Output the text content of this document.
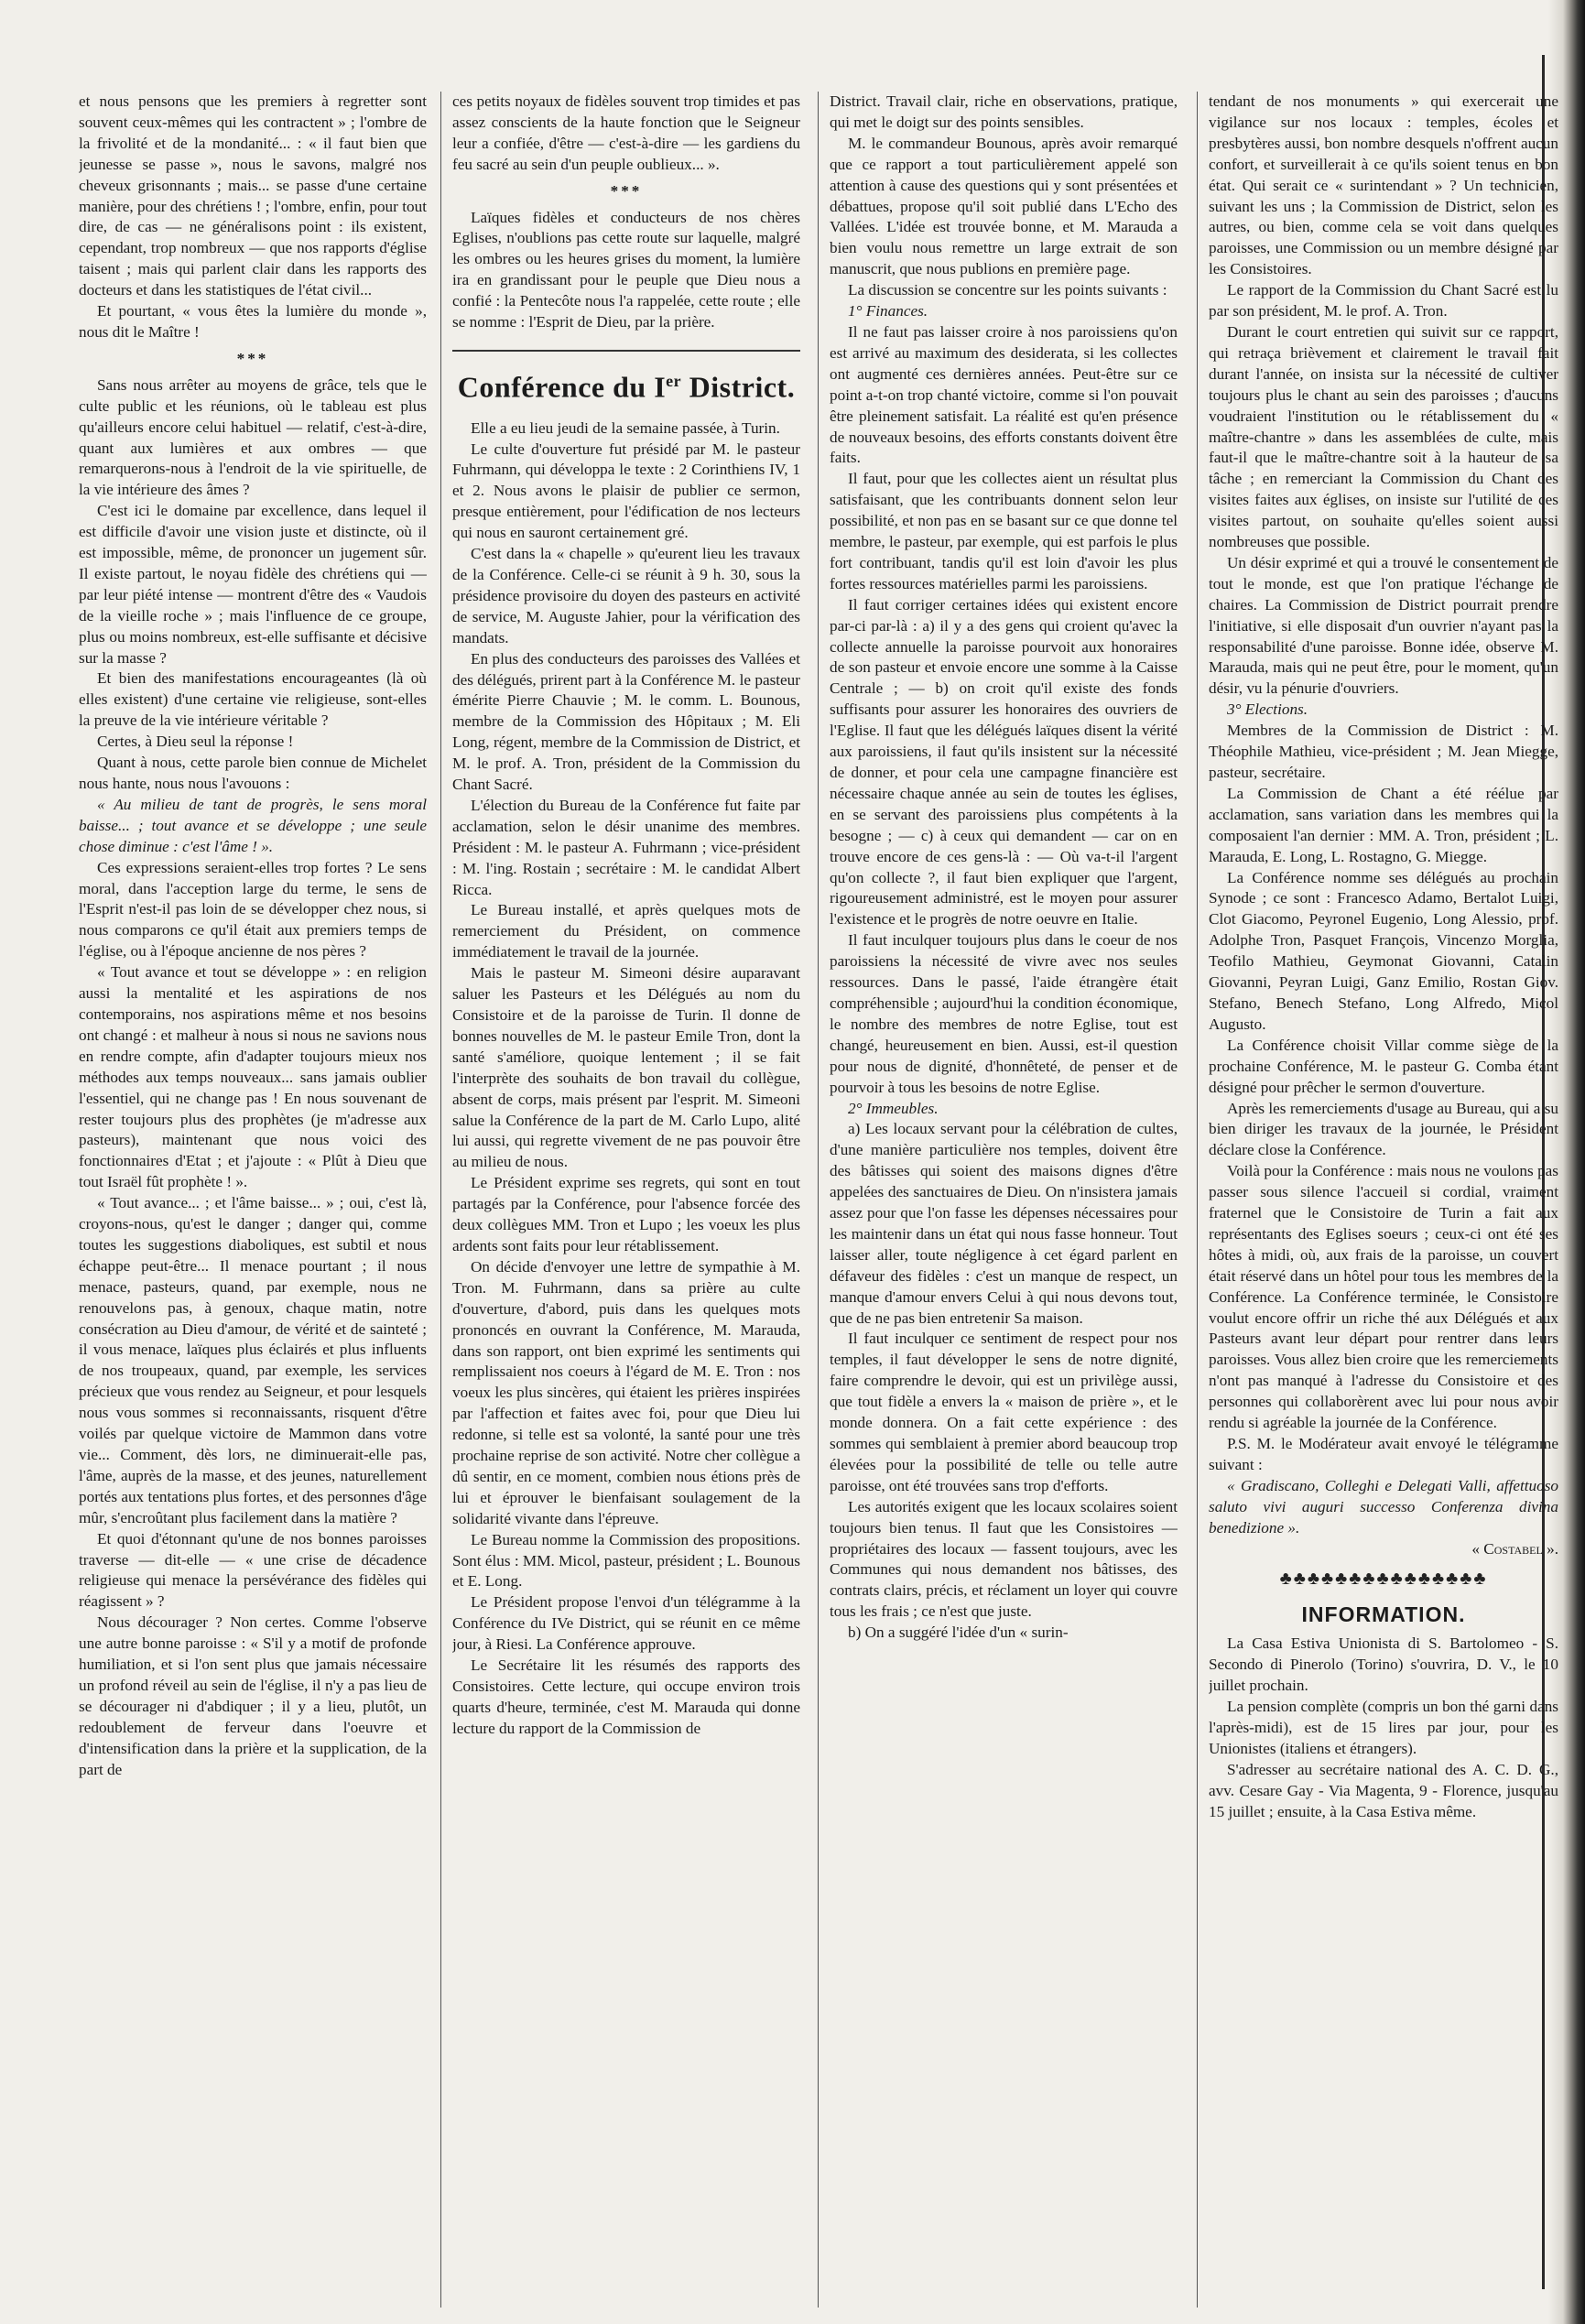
et nous pensons que les premiers à regretter sont souvent ceux-mêmes qui les contractent » ; l'ombre de la frivolité et de la mondanité... : « il faut bien que jeunesse se passe », nous le savons, malgré nos cheveux grisonnants ; mais... se passe d'une certaine manière, pour des chrétiens ! ; l'ombre, enfin, pour tout dire, de cas — ne généralisons point : ils existent, cependant, trop nombreux — que nos rapports d'église taisent ; mais qui parlent clair dans les rapports des docteurs et dans les statistiques de l'état civil...

Et pourtant, « vous êtes la lumière du monde », nous dit le Maître !

***

Sans nous arrêter au moyens de grâce, tels que le culte public et les réunions, où le tableau est plus qu'ailleurs encore celui habituel — relatif, c'est-à-dire, quant aux lumières et aux ombres — que remarquerons-nous à l'endroit de la vie spirituelle, de la vie intérieure des âmes ?

C'est ici le domaine par excellence, dans lequel il est difficile d'avoir une vision juste et distincte, où il est impossible, même, de prononcer un jugement sûr. Il existe partout, le noyau fidèle des chrétiens qui — par leur piété intense — montrent d'être des « Vaudois de la vieille roche » ; mais l'influence de ce groupe, plus ou moins nombreux, est-elle suffisante et décisive sur la masse ?

Et bien des manifestations encourageantes (là où elles existent) d'une certaine vie religieuse, sont-elles la preuve de la vie intérieure véritable ?

Certes, à Dieu seul la réponse !

Quant à nous, cette parole bien connue de Michelet nous hante, nous nous l'avouons :

« Au milieu de tant de progrès, le sens moral baisse... ; tout avance et se développe ; une seule chose diminue : c'est l'âme ! ».

Ces expressions seraient-elles trop fortes ? Le sens moral, dans l'acception large du terme, le sens de l'Esprit n'est-il pas loin de se développer chez nous, si nous comparons ce qu'il était aux premiers temps de l'église, ou à l'époque ancienne de nos pères ?

« Tout avance et tout se développe » : en religion aussi la mentalité et les aspirations de nos contemporains, nos aspirations même et nos besoins ont changé : et malheur à nous si nous ne savions nous en rendre compte, afin d'adapter toujours mieux nos méthodes aux temps nouveaux... sans jamais oublier l'essentiel, qui ne change pas ! En nous souvenant de rester toujours plus des prophètes (je m'adresse aux pasteurs), maintenant que nous voici des fonctionnaires d'Etat ; et j'ajoute : « Plût à Dieu que tout Israël fût prophète ! ».

« Tout avance... ; et l'âme baisse... » ; oui, c'est là, croyons-nous, qu'est le danger ; danger qui, comme toutes les suggestions diaboliques, est subtil et nous échappe peut-être... Il menace pourtant ; il nous menace, pasteurs, quand, par exemple, nous ne renouvelons pas, à genoux, chaque matin, notre consécration au Dieu d'amour, de vérité et de sainteté ; il vous menace, laïques plus éclairés et plus influents de nos troupeaux, quand, par exemple, les services précieux que vous rendez au Seigneur, et pour lesquels nous vous sommes si reconnaissants, risquent d'être voilés par quelque victoire de Mammon dans votre vie... Comment, dès lors, ne diminuerait-elle pas, l'âme, auprès de la masse, et des jeunes, naturellement portés aux tentations plus fortes, et des personnes d'âge mûr, s'encroûtant plus facilement dans la matière ?

Et quoi d'étonnant qu'une de nos bonnes paroisses traverse — dit-elle — « une crise de décadence religieuse qui menace la persévérance des fidèles qui réagissent » ?

Nous décourager ? Non certes. Comme l'observe une autre bonne paroisse : « S'il y a motif de profonde humiliation, et si l'on sent plus que jamais nécessaire un profond réveil au sein de l'église, il n'y a pas lieu de se décourager ni d'abdiquer ; il y a lieu, plutôt, un redoublement de ferveur dans l'oeuvre et d'intensification dans la prière et la supplication, de la part de

ces petits noyaux de fidèles souvent trop timides et pas assez conscients de la haute fonction que le Seigneur leur a confiée, d'être — c'est-à-dire — les gardiens du feu sacré au sein d'un peuple oublieux... ».

***

Laïques fidèles et conducteurs de nos chères Eglises, n'oublions pas cette route sur laquelle, malgré les ombres ou les heures grises du moment, la lumière ira en grandissant pour le peuple que Dieu nous a confié : la Pentecôte nous l'a rappelée, cette route ; elle se nomme : l'Esprit de Dieu, par la prière.

Conférence du Ier District.

Elle a eu lieu jeudi de la semaine passée, à Turin.

Le culte d'ouverture fut présidé par M. le pasteur Fuhrmann, qui développa le texte : 2 Corinthiens IV, 1 et 2. Nous avons le plaisir de publier ce sermon, presque entièrement, pour l'édification de nos lecteurs qui nous en sauront certainement gré.

C'est dans la « chapelle » qu'eurent lieu les travaux de la Conférence. Celle-ci se réunit à 9 h. 30, sous la présidence provisoire du doyen des pasteurs en activité de service, M. Auguste Jahier, pour la vérification des mandats.

En plus des conducteurs des paroisses des Vallées et des délégués, prirent part à la Conférence M. le pasteur émérite Pierre Chauvie ; M. le comm. L. Bounous, membre de la Commission des Hôpitaux ; M. Eli Long, régent, membre de la Commission de District, et M. le prof. A. Tron, président de la Commission du Chant Sacré.

L'élection du Bureau de la Conférence fut faite par acclamation, selon le désir unanime des membres. Président : M. le pasteur A. Fuhrmann ; vice-président : M. l'ing. Rostain ; secrétaire : M. le candidat Albert Ricca.

Le Bureau installé, et après quelques mots de remerciement du Président, on commence immédiatement le travail de la journée.

Mais le pasteur M. Simeoni désire auparavant saluer les Pasteurs et les Délégués au nom du Consistoire et de la paroisse de Turin. Il donne de bonnes nouvelles de M. le pasteur Emile Tron, dont la santé s'améliore, quoique lentement ; il se fait l'interprète des souhaits de bon travail du collègue, absent de corps, mais présent par l'esprit. M. Simeoni salue la Conférence de la part de M. Carlo Lupo, alité lui aussi, qui regrette vivement de ne pas pouvoir être au milieu de nous.

Le Président exprime ses regrets, qui sont en tout partagés par la Conférence, pour l'absence forcée des deux collègues MM. Tron et Lupo ; les voeux les plus ardents sont faits pour leur rétablissement.

On décide d'envoyer une lettre de sympathie à M. Tron. M. Fuhrmann, dans sa prière au culte d'ouverture, d'abord, puis dans les quelques mots prononcés en ouvrant la Conférence, M. Marauda, dans son rapport, ont bien exprimé les sentiments qui remplissaient nos coeurs à l'égard de M. E. Tron : nos voeux les plus sincères, qui étaient les prières inspirées par l'affection et faites avec foi, pour que Dieu lui redonne, si telle est sa volonté, la santé pour une très prochaine reprise de son activité. Notre cher collègue a dû sentir, en ce moment, combien nous étions près de lui et éprouver le bienfaisant soulagement de la solidarité vivante dans l'épreuve.

Le Bureau nomme la Commission des propositions. Sont élus : MM. Micol, pasteur, président ; L. Bounous et E. Long.

Le Président propose l'envoi d'un télégramme à la Conférence du IVe District, qui se réunit en ce même jour, à Riesi. La Conférence approuve.

Le Secrétaire lit les résumés des rapports des Consistoires. Cette lecture, qui occupe environ trois quarts d'heure, terminée, c'est M. Marauda qui donne lecture du rapport de la Commission de

District. Travail clair, riche en observations, pratique, qui met le doigt sur des points sensibles.

M. le commandeur Bounous, après avoir remarqué que ce rapport a tout particulièrement appelé son attention à cause des questions qui y sont présentées et débattues, propose qu'il soit publié dans L'Echo des Vallées. L'idée est trouvée bonne, et M. Marauda a bien voulu nous remettre un large extrait de son manuscrit, que nous publions en première page.

La discussion se concentre sur les points suivants :

1° Finances.

Il ne faut pas laisser croire à nos paroissiens qu'on est arrivé au maximum des desiderata, si les collectes ont augmenté ces dernières années. Peut-être sur ce point a-t-on trop chanté victoire, comme si l'on pouvait être pleinement satisfait. La réalité est qu'en présence de nouveaux besoins, des efforts constants doivent être faits.

Il faut, pour que les collectes aient un résultat plus satisfaisant, que les contribuants donnent selon leur possibilité, et non pas en se basant sur ce que donne tel membre, le pasteur, par exemple, qui est parfois le plus fort contribuant, tandis qu'il est loin d'avoir les plus fortes ressources matérielles parmi les paroissiens.

Il faut corriger certaines idées qui existent encore par-ci par-là : a) il y a des gens qui croient qu'avec la collecte annuelle la paroisse pourvoit aux honoraires de son pasteur et envoie encore une somme à la Caisse Centrale ; — b) on croit qu'il existe des fonds suffisants pour assurer les honoraires des ouvriers de l'Eglise. Il faut que les délégués laïques disent la vérité aux paroissiens, il faut qu'ils insistent sur la nécessité de donner, et pour cela une campagne financière est nécessaire chaque année au sein de toutes les églises, en se servant des paroissiens plus compétents à la besogne ; — c) à ceux qui demandent — car on en trouve encore de ces gens-là : — Où va-t-il l'argent qu'on collecte ?, il faut bien expliquer que l'argent, rigoureusement administré, est le moyen pour assurer l'existence et le progrès de notre oeuvre en Italie.

Il faut inculquer toujours plus dans le coeur de nos paroissiens la nécessité de vivre avec nos seules ressources. Dans le passé, l'aide étrangère était compréhensible ; aujourd'hui la condition économique, le nombre des membres de notre Eglise, tout est changé, heureusement en bien. Aussi, est-il question pour nous de dignité, d'honnêteté, de penser et de pourvoir à tous les besoins de notre Eglise.

2° Immeubles.

a) Les locaux servant pour la célébration de cultes, d'une manière particulière nos temples, doivent être des bâtisses qui soient des maisons dignes d'être appelées des sanctuaires de Dieu. On n'insistera jamais assez pour que l'on fasse les dépenses nécessaires pour les maintenir dans un état qui nous fasse honneur. Tout laisser aller, toute négligence à cet égard parlent en défaveur des fidèles : c'est un manque de respect, un manque d'amour envers Celui à qui nous devons tout, que de ne pas bien entretenir Sa maison.

Il faut inculquer ce sentiment de respect pour nos temples, il faut développer le sens de notre dignité, faire comprendre le devoir, qui est un privilège aussi, que tout fidèle a envers la « maison de prière », et le monde donnera. On a fait cette expérience : des sommes qui semblaient à premier abord beaucoup trop élevées pour la possibilité de telle ou telle autre paroisse, ont été trouvées sans trop d'efforts.

Les autorités exigent que les locaux scolaires soient toujours bien tenus. Il faut que les Consistoires — propriétaires des locaux — fassent toujours, avec les Communes qui nous demandent nos bâtisses, des contrats clairs, précis, et réclament un loyer qui couvre tous les frais ; ce n'est que juste.

b) On a suggéré l'idée d'un « surin-

tendant de nos monuments » qui exercerait une vigilance sur nos locaux : temples, écoles et presbytères aussi, bon nombre desquels n'offrent aucun confort, et surveillerait à ce qu'ils soient tenus en bon état. Qui serait ce « surintendant » ? Un technicien, suivant les uns ; la Commission de District, selon les autres, ou bien, comme cela se voit dans quelques paroisses, une Commission ou un membre désigné par les Consistoires.

Le rapport de la Commission du Chant Sacré est lu par son président, M. le prof. A. Tron.

Durant le court entretien qui suivit sur ce rapport, qui retraça brièvement et clairement le travail fait durant l'année, on insista sur la nécessité de cultiver toujours plus le chant au sein des paroisses ; d'aucuns voudraient l'institution ou le rétablissement du « maître-chantre » dans les assemblées de culte, mais faut-il que le maître-chantre soit à la hauteur de sa tâche ; en remerciant la Commission du Chant des visites faites aux églises, on insiste sur l'utilité de ces visites partout, on souhaite qu'elles soient aussi nombreuses que possible.

Un désir exprimé et qui a trouvé le consentement de tout le monde, est que l'on pratique l'échange de chaires. La Commission de District pourrait prendre l'initiative, si elle disposait d'un ouvrier n'ayant pas la responsabilité d'une paroisse. Bonne idée, observe M. Marauda, mais qui ne peut être, pour le moment, qu'un désir, vu la pénurie d'ouvriers.

3° Elections.

Membres de la Commission de District : M. Théophile Mathieu, vice-président ; M. Jean Miegge, pasteur, secrétaire.

La Commission de Chant a été réélue par acclamation, sans variation dans les membres qui la composaient l'an dernier : MM. A. Tron, président ; L. Marauda, E. Long, L. Rostagno, G. Miegge.

La Conférence nomme ses délégués au prochain Synode ; ce sont : Francesco Adamo, Bertalot Luigi, Clot Giacomo, Peyronel Eugenio, Long Alessio, prof. Adolphe Tron, Pasquet François, Vincenzo Morglia, Teofilo Mathieu, Geymonat Giovanni, Catalin Giovanni, Peyran Luigi, Ganz Emilio, Rostan Giov. Stefano, Benech Stefano, Long Alfredo, Micol Augusto.

La Conférence choisit Villar comme siège de la prochaine Conférence, M. le pasteur G. Comba étant désigné pour prêcher le sermon d'ouverture.

Après les remerciements d'usage au Bureau, qui a su bien diriger les travaux de la journée, le Président déclare close la Conférence.

Voilà pour la Conférence : mais nous ne voulons pas passer sous silence l'accueil si cordial, vraiment fraternel que le Consistoire de Turin a fait aux représentants des Eglises soeurs ; ceux-ci ont été ses hôtes à midi, où, aux frais de la paroisse, un couvert était réservé dans un hôtel pour tous les membres de la Conférence. La Conférence terminée, le Consistoire voulut encore offrir un riche thé aux Délégués et aux Pasteurs avant leur départ pour rentrer dans leurs paroisses. Vous allez bien croire que les remerciements n'ont pas manqué à l'adresse du Consistoire et des personnes qui collaborèrent avec lui pour nous avoir rendu si agréable la journée de la Conférence.

P.S. M. le Modérateur avait envoyé le télégramme suivant :

« Gradiscano, Colleghi e Delegati Valli, affettuoso saluto vivi auguri successo Conferenza divina benedizione ».

« Costabel ».

♣♣♣♣♣♣♣♣♣♣♣♣♣♣♣

INFORMATION.

La Casa Estiva Unionista di S. Bartolomeo - S. Secondo di Pinerolo (Torino) s'ouvrira, D. V., le 10 juillet prochain.

La pension complète (compris un bon thé garni dans l'après-midi), est de 15 lires par jour, pour les Unionistes (italiens et étrangers).

S'adresser au secrétaire national des A. C. D. G., avv. Cesare Gay - Via Magenta, 9 - Florence, jusqu'au 15 juillet ; ensuite, à la Casa Estiva même.
